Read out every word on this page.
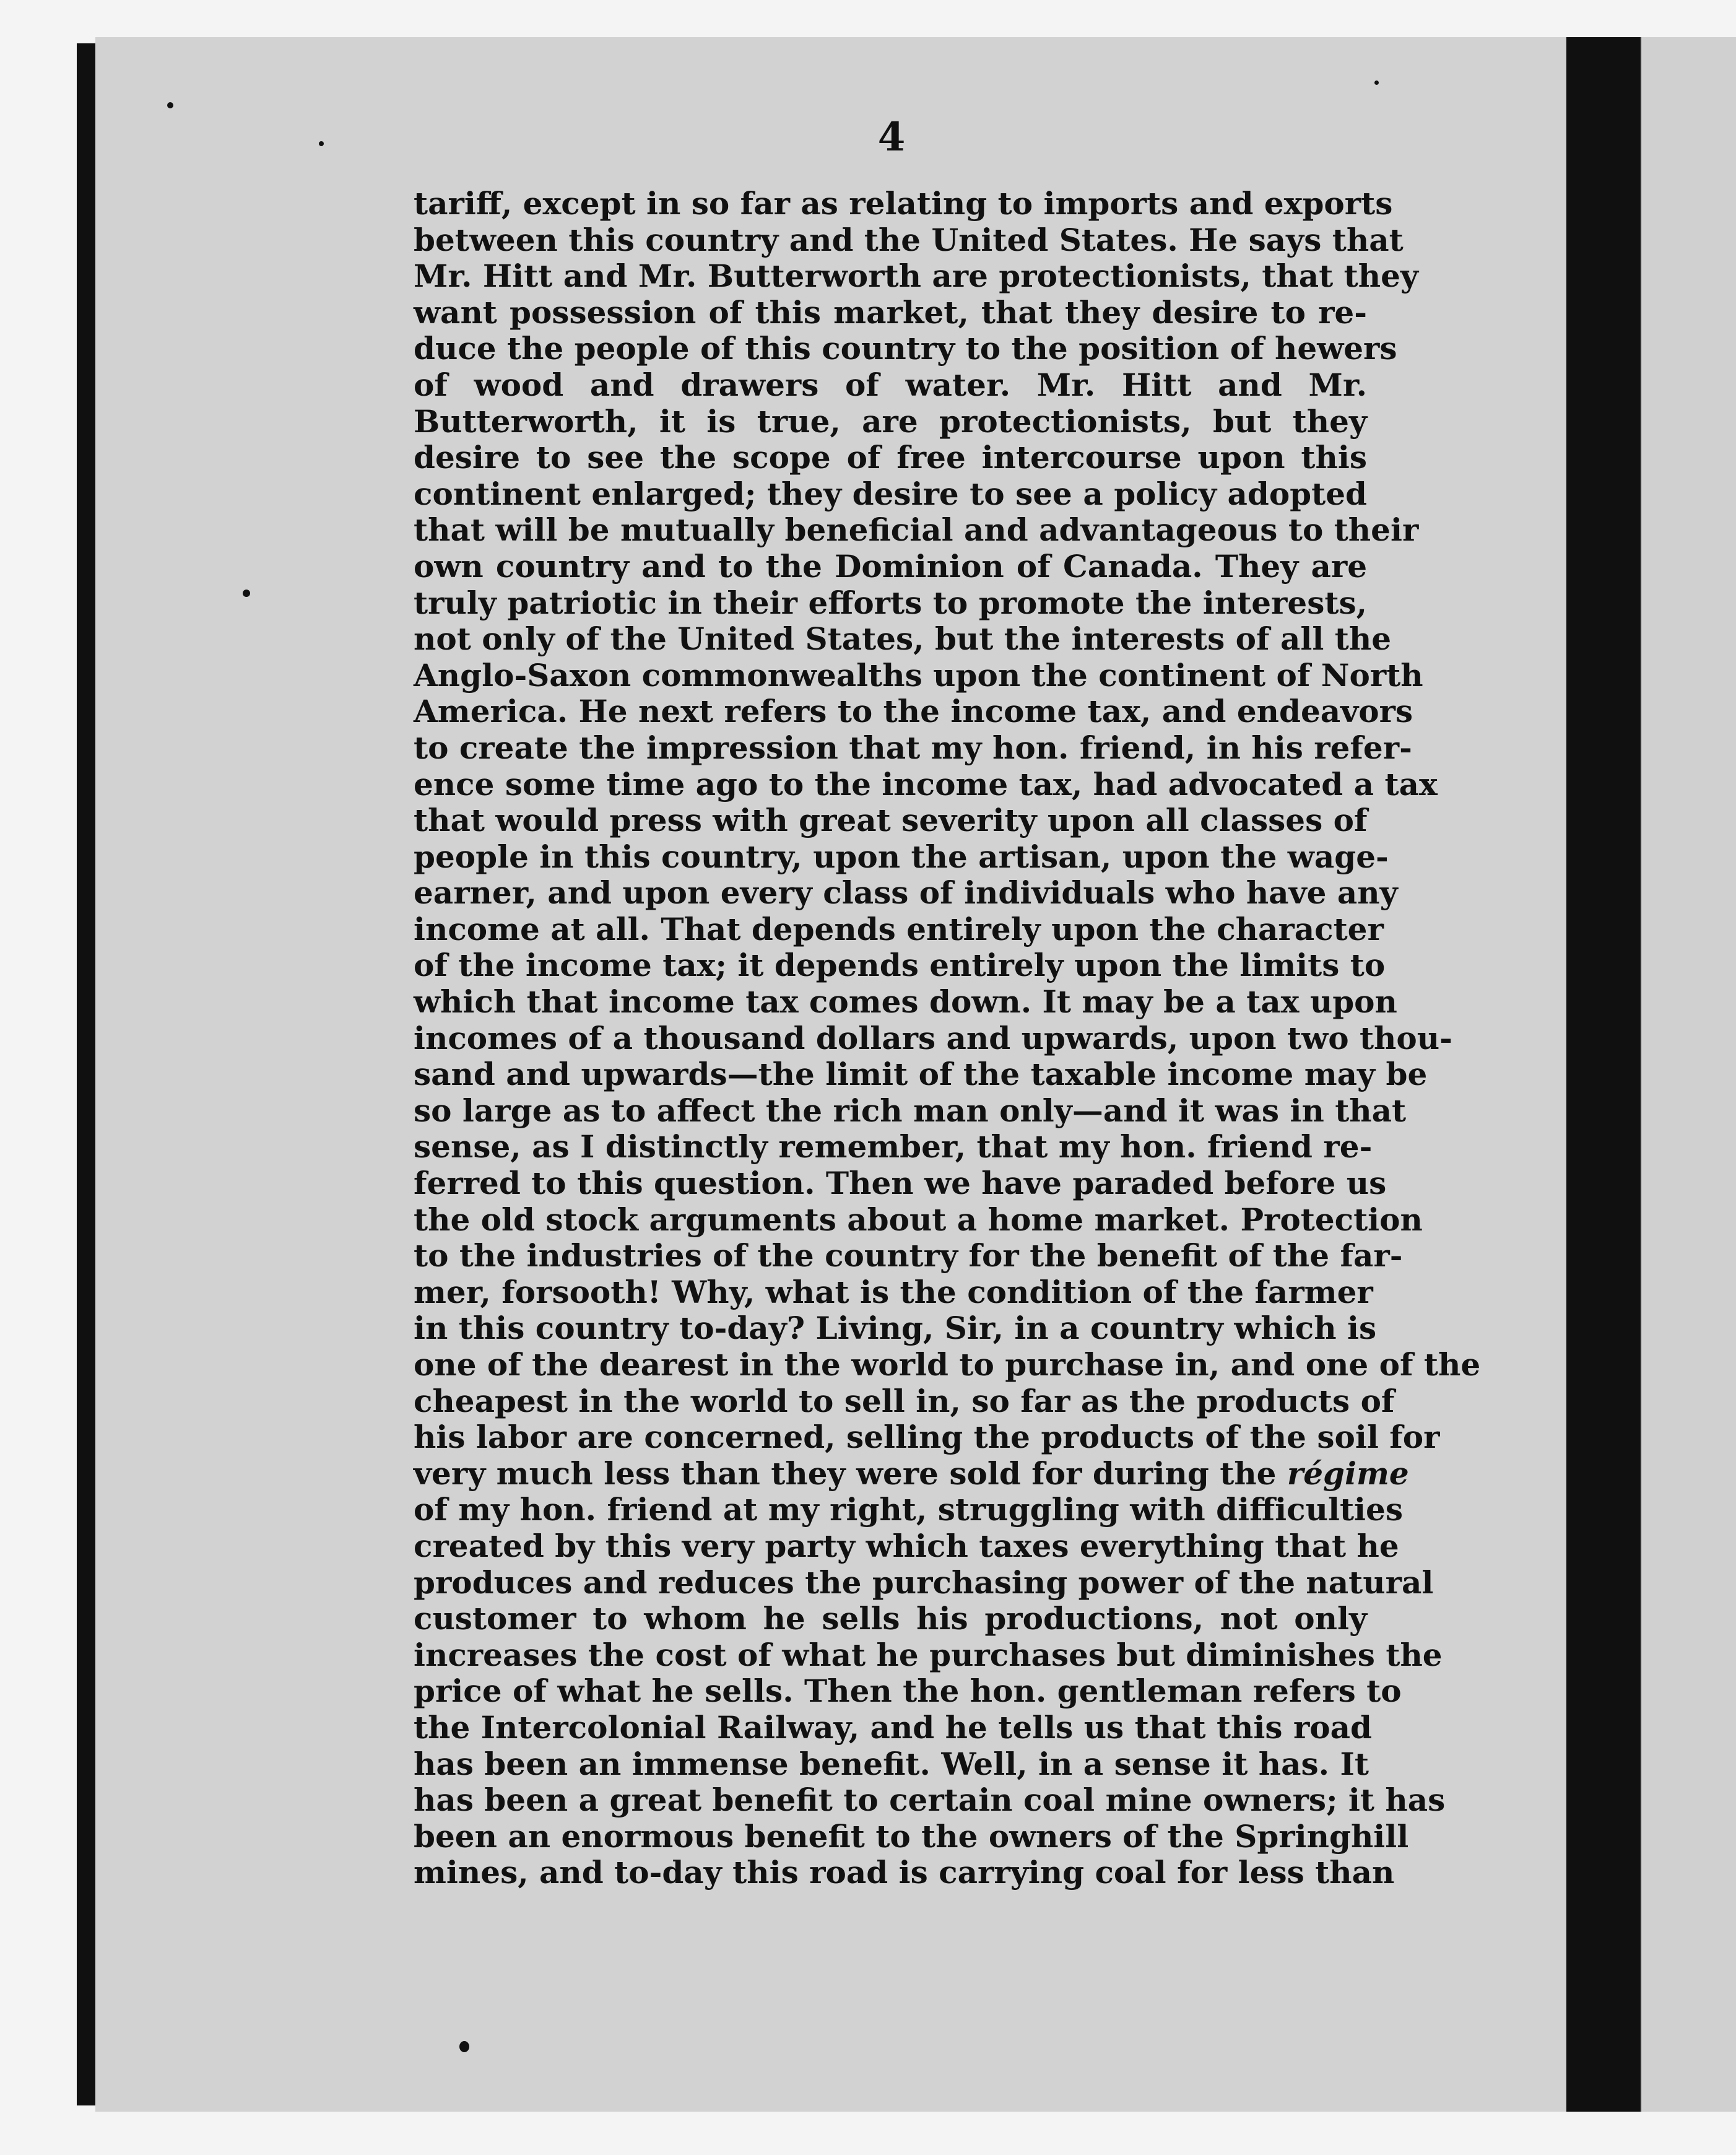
4
tariff, except in so far as relating to imports and exports
between this country and the United States. He says that
Mr. Hitt and Mr. Butterworth are protectionists, that they
want possession of this market, that they desire to re-
duce the people of this country to the position of hewers
of wood and drawers of water. Mr. Hitt and Mr.
Butterworth, it is true, are protectionists, but they
desire to see the scope of free intercourse upon this
continent enlarged; they desire to see a policy adopted
that will be mutually beneficial and advantageous to their
own country and to the Dominion of Canada. They are
truly patriotic in their efforts to promote the interests,
not only of the United States, but the interests of all the
Anglo-Saxon commonwealths upon the continent of North
America. He next refers to the income tax, and endeavors
to create the impression that my hon. friend, in his refer-
ence some time ago to the income tax, had advocated a tax
that would press with great severity upon all classes of
people in this country, upon the artisan, upon the wage-
earner, and upon every class of individuals who have any
income at all. That depends entirely upon the character
of the income tax; it depends entirely upon the limits to
which that income tax comes down. It may be a tax upon
incomes of a thousand dollars and upwards, upon two thou-
sand and upwards—the limit of the taxable income may be
so large as to affect the rich man only—and it was in that
sense, as I distinctly remember, that my hon. friend re-
ferred to this question. Then we have paraded before us
the old stock arguments about a home market. Protection
to the industries of the country for the benefit of the far-
mer, forsooth! Why, what is the condition of the farmer
in this country to-day? Living, Sir, in a country which is
one of the dearest in the world to purchase in, and one of the
cheapest in the world to sell in, so far as the products of
his labor are concerned, selling the products of the soil for
very much less than they were sold for during the régime
of my hon. friend at my right, struggling with difficulties
created by this very party which taxes everything that he
produces and reduces the purchasing power of the natural
customer to whom he sells his productions, not only
increases the cost of what he purchases but diminishes the
price of what he sells. Then the hon. gentleman refers to
the Intercolonial Railway, and he tells us that this road
has been an immense benefit. Well, in a sense it has. It
has been a great benefit to certain coal mine owners; it has
been an enormous benefit to the owners of the Springhill
mines, and to-day this road is carrying coal for less than
